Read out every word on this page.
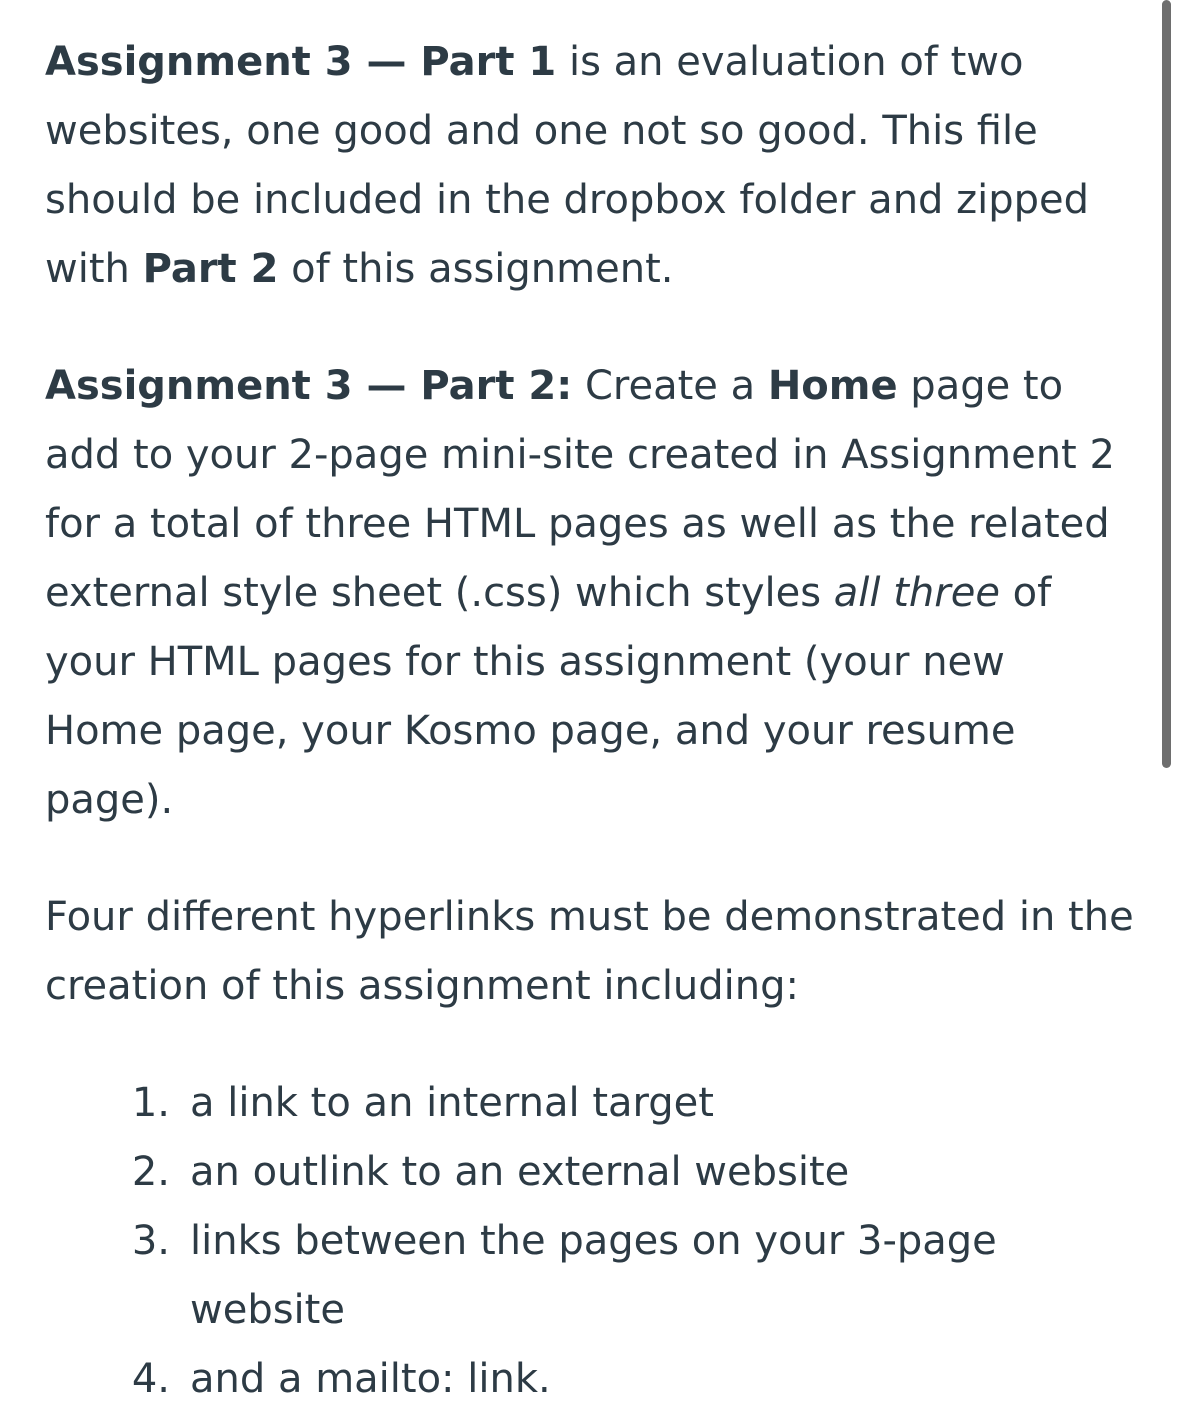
Assignment 3 — Part 1 is an evaluation of two websites, one good and one not so good. This file should be included in the dropbox folder and zipped with Part 2 of this assignment.

Assignment 3 — Part 2: Create a Home page to add to your 2-page mini-site created in Assignment 2 for a total of three HTML pages as well as the related external style sheet (.css) which styles all three of your HTML pages for this assignment (your new Home page, your Kosmo page, and your resume page).

Four different hyperlinks must be demonstrated in the creation of this assignment including:

1. a link to an internal target
2. an outlink to an external website
3. links between the pages on your 3-page website
4. and a mailto: link.
